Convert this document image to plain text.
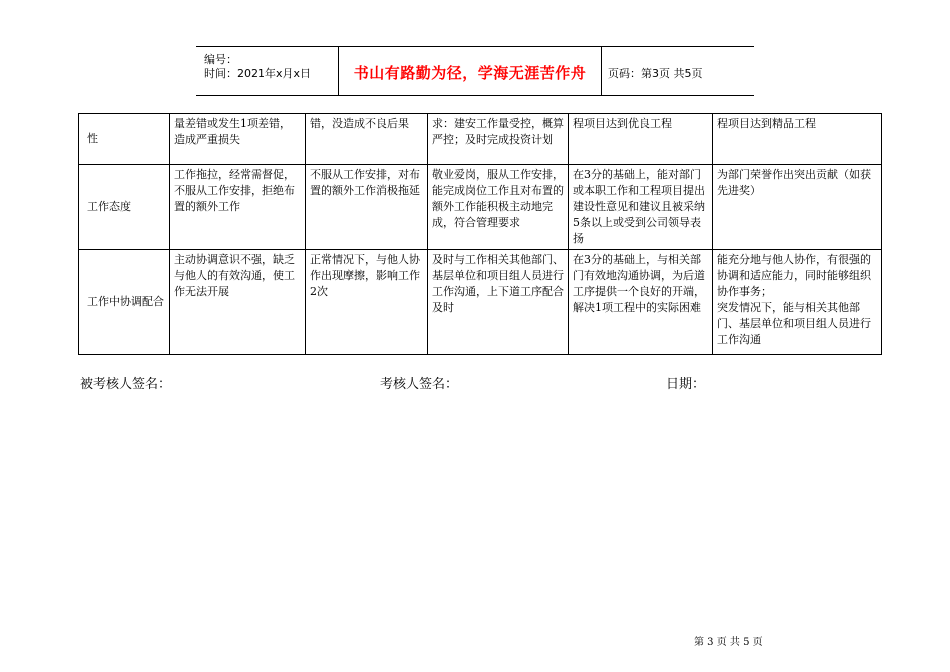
编号：
时间：2021年x月x日	书山有路勤为径，学海无涯苦作舟	页码：第3页 共5页
性	量差错或发生1项差错，造成严重损失	错，没造成不良后果	求：建安工作量受控，概算严控；及时完成投资计划	程项目达到优良工程	程项目达到精品工程
工作态度	工作拖拉，经常需督促，不服从工作安排，拒绝布置的额外工作	不服从工作安排，对布置的额外工作消极拖延	敬业爱岗，服从工作安排，能完成岗位工作且对布置的额外工作能积极主动地完成，符合管理要求	在3分的基础上，能对部门或本职工作和工程项目提出建设性意见和建议且被采纳5条以上或受到公司领导表扬	为部门荣誉作出突出贡献（如获先进奖）
工作中协调配合	主动协调意识不强，缺乏与他人的有效沟通，使工作无法开展	正常情况下，与他人协作出现摩擦，影响工作2次	及时与工作相关其他部门、基层单位和项目组人员进行工作沟通，上下道工序配合及时	在3分的基础上，与相关部门有效地沟通协调，为后道工序提供一个良好的开端，解决1项工程中的实际困难	能充分地与他人协作，有很强的协调和适应能力，同时能够组织协作事务；
突发情况下，能与相关其他部门、基层单位和项目组人员进行工作沟通
被考核人签名：	考核人签名：	日期：
第 3 页 共 5 页
